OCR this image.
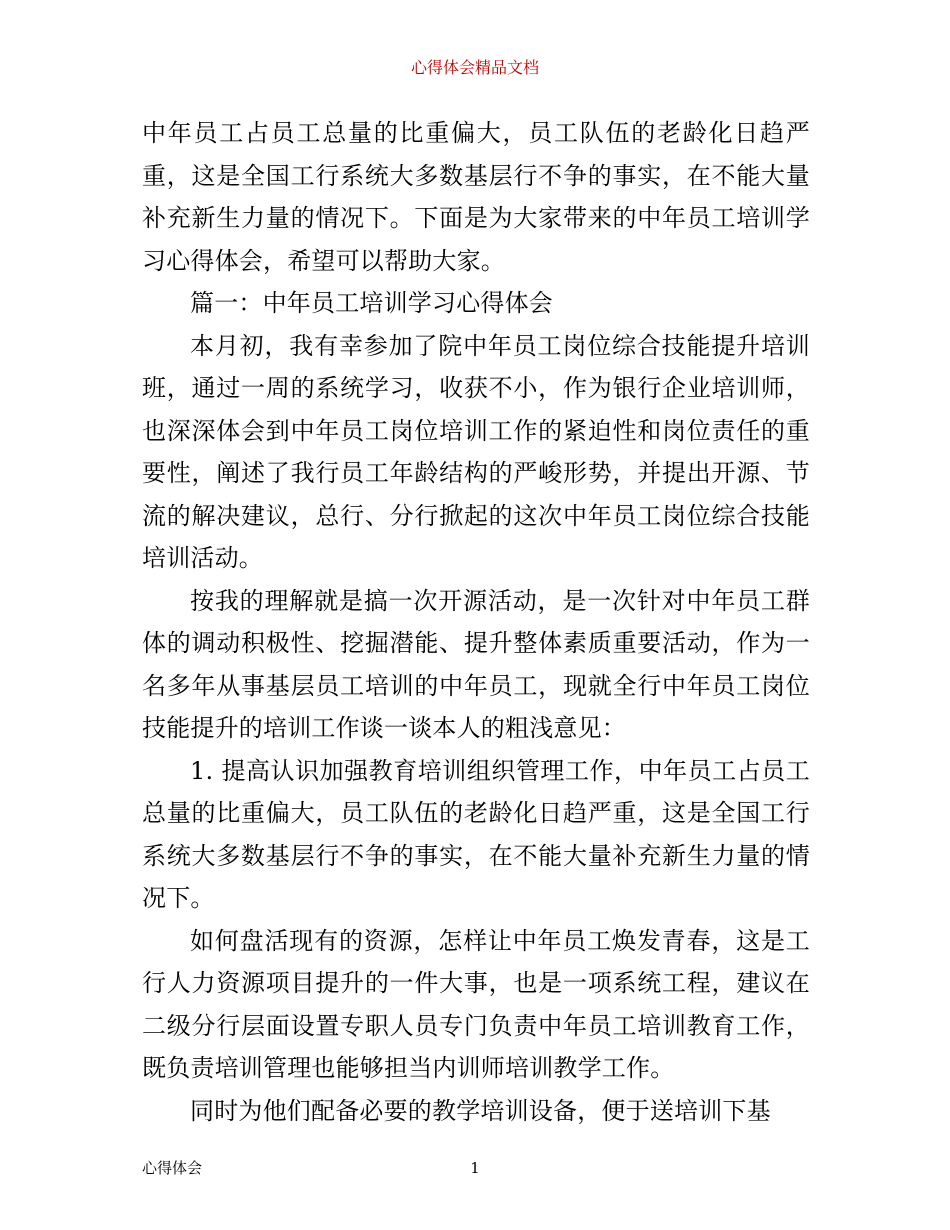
心得体会精品文档

中年员工占员工总量的比重偏大，员工队伍的老龄化日趋严重，这是全国工行系统大多数基层行不争的事实，在不能大量补充新生力量的情况下。下面是为大家带来的中年员工培训学习心得体会，希望可以帮助大家。

篇一：中年员工培训学习心得体会

本月初，我有幸参加了院中年员工岗位综合技能提升培训班，通过一周的系统学习，收获不小，作为银行企业培训师，也深深体会到中年员工岗位培训工作的紧迫性和岗位责任的重要性，阐述了我行员工年龄结构的严峻形势，并提出开源、节流的解决建议，总行、分行掀起的这次中年员工岗位综合技能培训活动。

按我的理解就是搞一次开源活动，是一次针对中年员工群体的调动积极性、挖掘潜能、提升整体素质重要活动，作为一名多年从事基层员工培训的中年员工，现就全行中年员工岗位技能提升的培训工作谈一谈本人的粗浅意见：

1. 提高认识加强教育培训组织管理工作，中年员工占员工总量的比重偏大，员工队伍的老龄化日趋严重，这是全国工行系统大多数基层行不争的事实，在不能大量补充新生力量的情况下。

如何盘活现有的资源，怎样让中年员工焕发青春，这是工行人力资源项目提升的一件大事，也是一项系统工程，建议在二级分行层面设置专职人员专门负责中年员工培训教育工作，既负责培训管理也能够担当内训师培训教学工作。

同时为他们配备必要的教学培训设备，便于送培训下基

心得体会	1
